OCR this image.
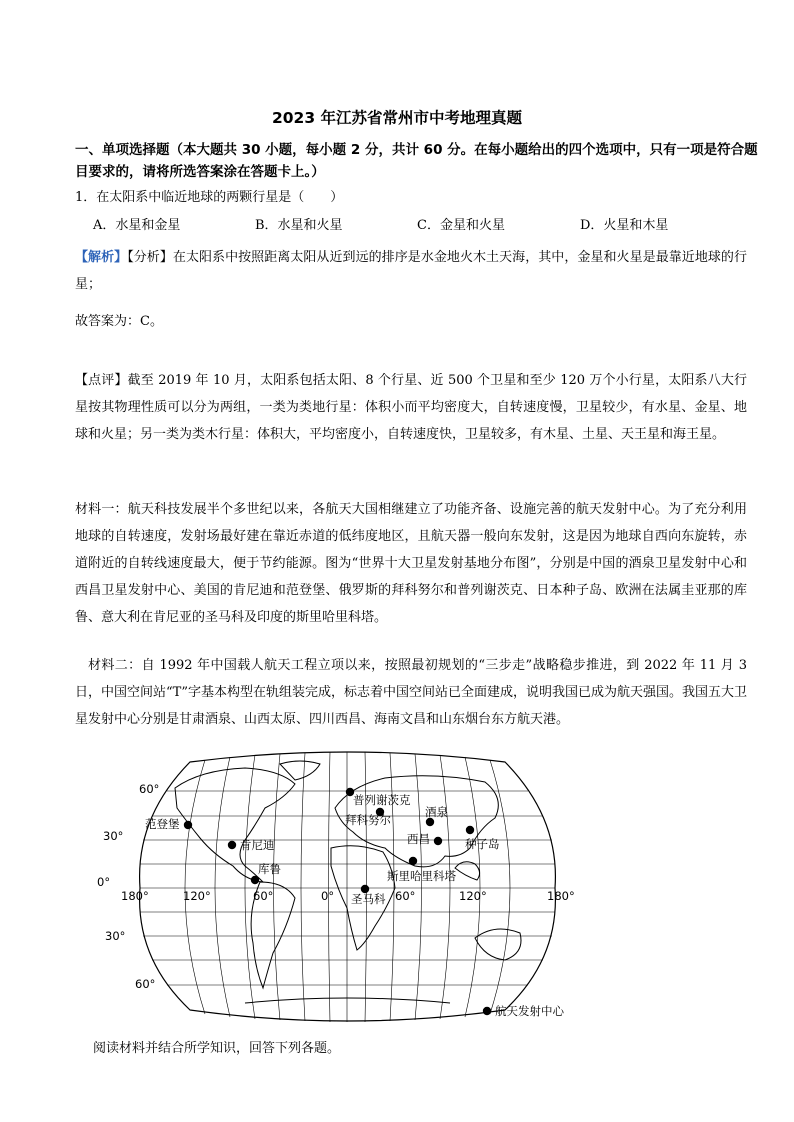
2023 年江苏省常州市中考地理真题
一、单项选择题（本大题共 30 小题，每小题 2 分，共计 60 分。在每小题给出的四个选项中，只有一项是符合题目要求的，请将所选答案涂在答题卡上。）
1．在太阳系中临近地球的两颗行星是（　　）
A．水星和金星	B．水星和火星	C．金星和火星	D．火星和木星
【解析】【分析】在太阳系中按照距离太阳从近到远的排序是水金地火木土天海，其中，金星和火星是最靠近地球的行星；
故答案为：C。
【点评】截至 2019 年 10 月，太阳系包括太阳、8 个行星、近 500 个卫星和至少 120 万个小行星，太阳系八大行星按其物理性质可以分为两组，一类为类地行星：体积小而平均密度大，自转速度慢，卫星较少，有水星、金星、地球和火星；另一类为类木行星：体积大，平均密度小，自转速度快，卫星较多，有木星、土星、天王星和海王星。
材料一：航天科技发展半个多世纪以来，各航天大国相继建立了功能齐备、设施完善的航天发射中心。为了充分利用地球的自转速度，发射场最好建在靠近赤道的低纬度地区，且航天器一般向东发射，这是因为地球自西向东旋转，赤道附近的自转线速度最大，便于节约能源。图为“世界十大卫星发射基地分布图”，分别是中国的酒泉卫星发射中心和西昌卫星发射中心、美国的肯尼迪和范登堡、俄罗斯的拜科努尔和普列谢茨克、日本种子岛、欧洲在法属圭亚那的库鲁、意大利在肯尼亚的圣马科及印度的斯里哈里科塔。
材料二：自 1992 年中国载人航天工程立项以来，按照最初规划的“三步走”战略稳步推进，到 2022 年 11 月 3 日，中国空间站“T”字基本构型在轨组装完成，标志着中国空间站已全面建成，说明我国已成为航天强国。我国五大卫星发射中心分别是甘肃酒泉、山西太原、四川西昌、海南文昌和山东烟台东方航天港。
60°
30°
0°
30°
60°
180°	120°	60°	0°	60°	120°	180°
普列谢茨克
拜科努尔
酒泉
范登堡
肯尼迪	西昌	种子岛
库鲁	斯里哈里科塔
圣马科
航天发射中心
阅读材料并结合所学知识，回答下列各题。
